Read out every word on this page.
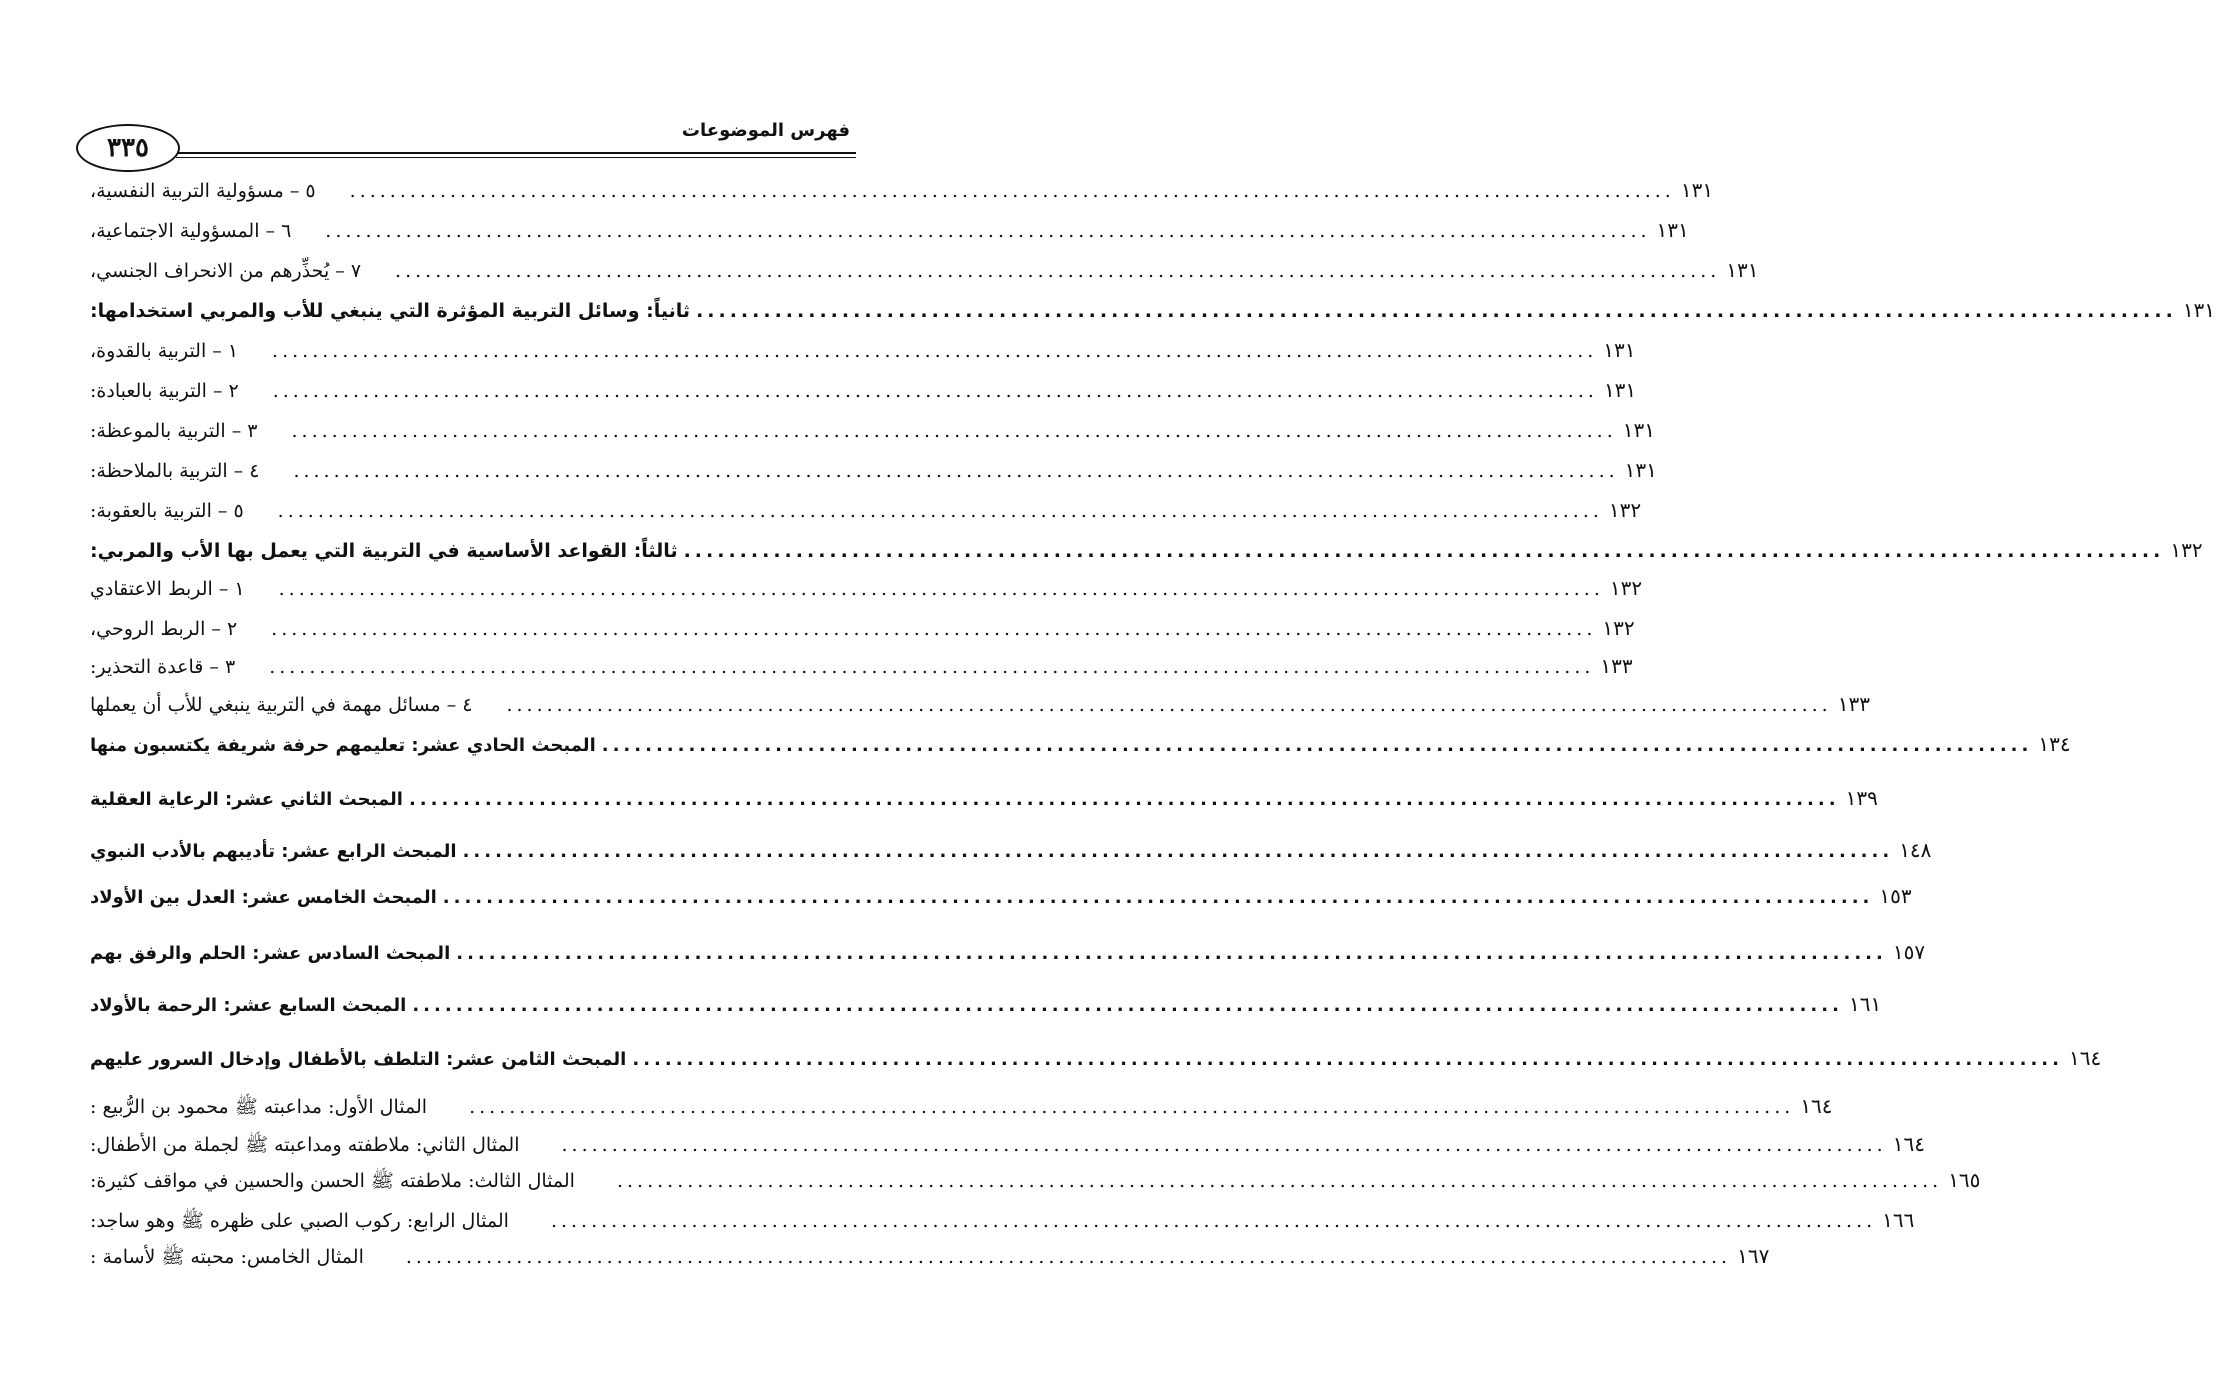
٣٣٥
فهرس الموضوعات
٥ – مسؤولية التربية النفسية،	.................................................................................................................................... ١٣١
٦ – المسؤولية الاجتماعية،	.................................................................................................................................... ١٣١
٧ – يُحذِّرهم من الانحراف الجنسي،	.................................................................................................................................... ١٣١
ثانياً: وسائل التربية المؤثرة التي ينبغي للأب والمربي استخدامها: .................................................................................................................................... ١٣١
١ – التربية بالقدوة،	.................................................................................................................................... ١٣١
٢ – التربية بالعبادة:	.................................................................................................................................... ١٣١
٣ – التربية بالموعظة:	.................................................................................................................................... ١٣١
٤ – التربية بالملاحظة:	.................................................................................................................................... ١٣١
٥ – التربية بالعقوبة:	.................................................................................................................................... ١٣٢
ثالثاً: القواعد الأساسية في التربية التي يعمل بها الأب والمربي: .................................................................................................................................... ١٣٢
١ – الربط الاعتقادي	.................................................................................................................................... ١٣٢
٢ – الربط الروحي،	.................................................................................................................................... ١٣٢
٣ – قاعدة التحذير:	.................................................................................................................................... ١٣٣
٤ – مسائل مهمة في التربية ينبغي للأب أن يعملها	.................................................................................................................................... ١٣٣
المبحث الحادي عشر: تعليمهم حرفة شريفة يكتسبون منها .................................................................................................................................... ١٣٤
المبحث الثاني عشر: الرعاية العقلية .................................................................................................................................... ١٣٩
المبحث الرابع عشر: تأديبهم بالأدب النبوي .................................................................................................................................... ١٤٨
المبحث الخامس عشر: العدل بين الأولاد .................................................................................................................................... ١٥٣
المبحث السادس عشر: الحلم والرفق بهم .................................................................................................................................... ١٥٧
المبحث السابع عشر: الرحمة بالأولاد .................................................................................................................................... ١٦١
المبحث الثامن عشر: التلطف بالأطفال وإدخال السرور عليهم .................................................................................................................................... ١٦٤
المثال الأول: مداعبته ﷺ محمود بن الرُّبيع :	.................................................................................................................................... ١٦٤
المثال الثاني: ملاطفته ومداعبته ﷺ لجملة من الأطفال:	.................................................................................................................................... ١٦٤
المثال الثالث: ملاطفته ﷺ الحسن والحسين في مواقف كثيرة:	.................................................................................................................................... ١٦٥
المثال الرابع: ركوب الصبي على ظهره ﷺ وهو ساجد:	.................................................................................................................................... ١٦٦
المثال الخامس: محبته ﷺ لأسامة :	.................................................................................................................................... ١٦٧
